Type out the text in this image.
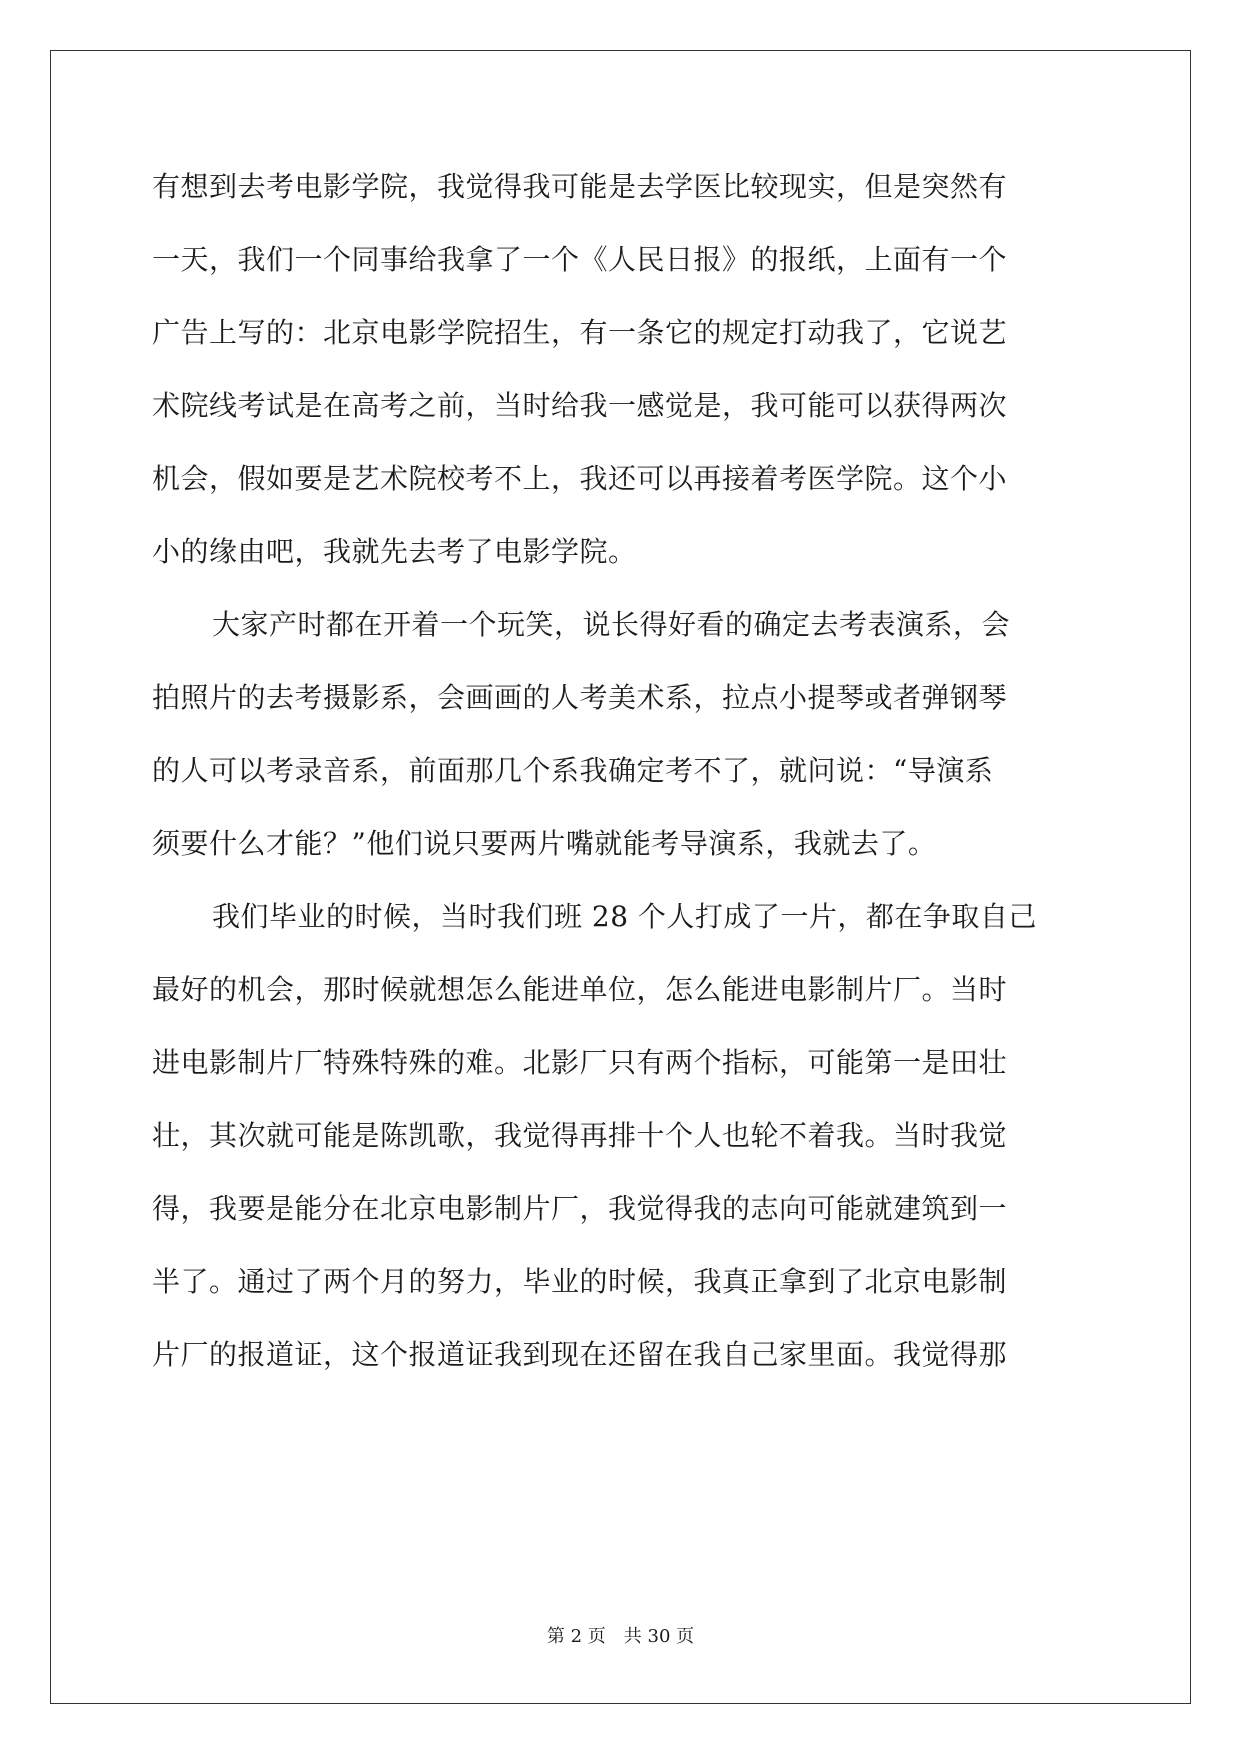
有想到去考电影学院，我觉得我可能是去学医比较现实，但是突然有
一天，我们一个同事给我拿了一个《人民日报》的报纸，上面有一个
广告上写的：北京电影学院招生，有一条它的规定打动我了，它说艺
术院线考试是在高考之前，当时给我一感觉是，我可能可以获得两次
机会，假如要是艺术院校考不上，我还可以再接着考医学院。这个小
小的缘由吧，我就先去考了电影学院。
大家产时都在开着一个玩笑，说长得好看的确定去考表演系，会
拍照片的去考摄影系，会画画的人考美术系，拉点小提琴或者弹钢琴
的人可以考录音系，前面那几个系我确定考不了，就问说：“导演系
须要什么才能？”他们说只要两片嘴就能考导演系，我就去了。
我们毕业的时候，当时我们班 28 个人打成了一片，都在争取自己
最好的机会，那时候就想怎么能进单位，怎么能进电影制片厂。当时
进电影制片厂特殊特殊的难。北影厂只有两个指标，可能第一是田壮
壮，其次就可能是陈凯歌，我觉得再排十个人也轮不着我。当时我觉
得，我要是能分在北京电影制片厂，我觉得我的志向可能就建筑到一
半了。通过了两个月的努力，毕业的时候，我真正拿到了北京电影制
片厂的报道证，这个报道证我到现在还留在我自己家里面。我觉得那
第 2 页　共 30 页
